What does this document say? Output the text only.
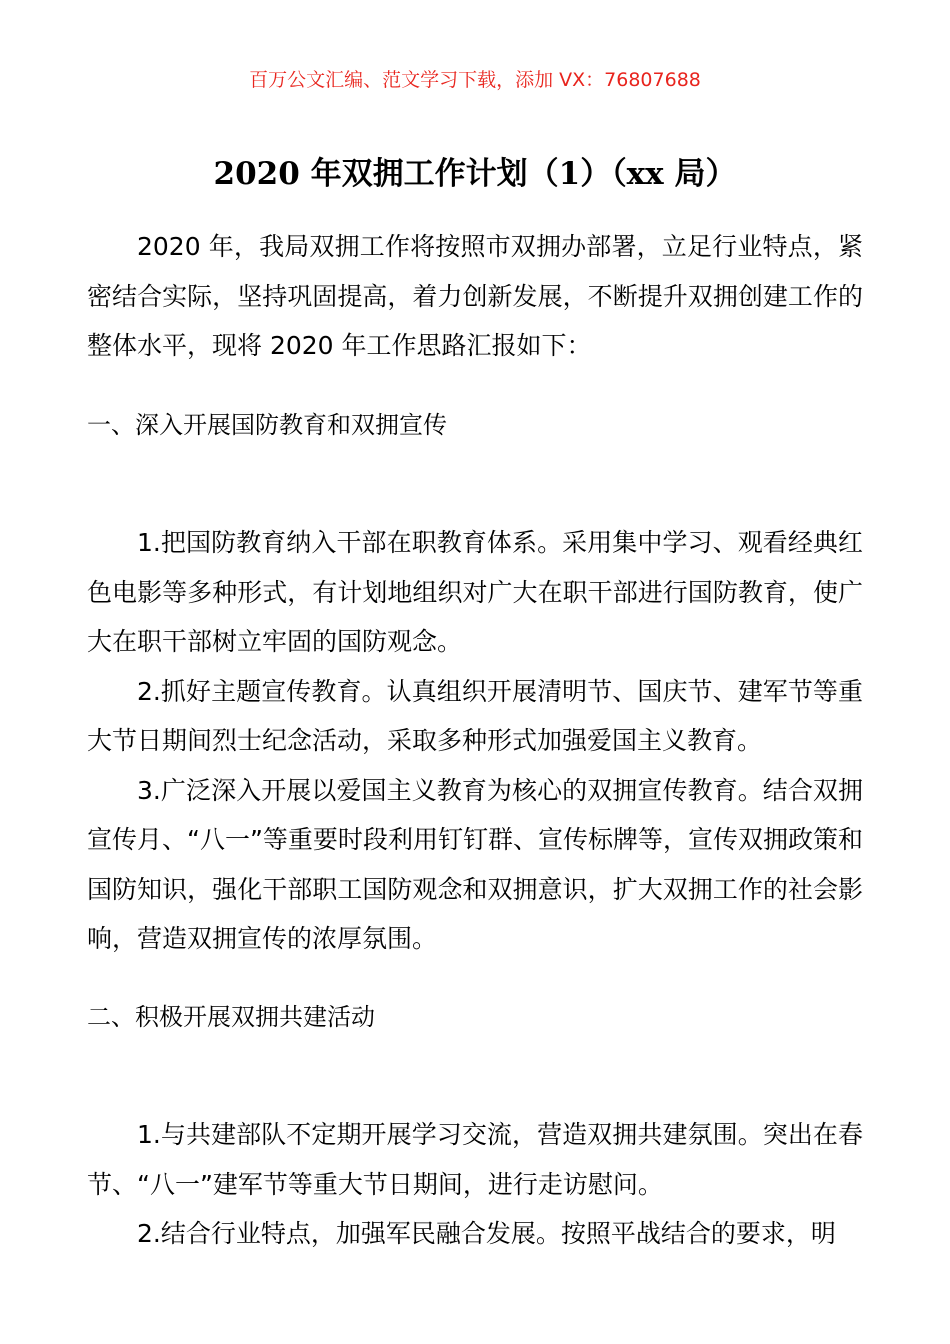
百万公文汇编、范文学习下载，添加 VX：76807688
2020 年双拥工作计划（1）（xx 局）

2020 年，我局双拥工作将按照市双拥办部署，立足行业特点，紧密结合实际，坚持巩固提高，着力创新发展，不断提升双拥创建工作的整体水平，现将 2020 年工作思路汇报如下：

一、深入开展国防教育和双拥宣传

1.把国防教育纳入干部在职教育体系。采用集中学习、观看经典红色电影等多种形式，有计划地组织对广大在职干部进行国防教育，使广大在职干部树立牢固的国防观念。

2.抓好主题宣传教育。认真组织开展清明节、国庆节、建军节等重大节日期间烈士纪念活动，采取多种形式加强爱国主义教育。

3.广泛深入开展以爱国主义教育为核心的双拥宣传教育。结合双拥宣传月、“八一”等重要时段利用钉钉群、宣传标牌等，宣传双拥政策和国防知识，强化干部职工国防观念和双拥意识，扩大双拥工作的社会影响，营造双拥宣传的浓厚氛围。

二、积极开展双拥共建活动

1.与共建部队不定期开展学习交流，营造双拥共建氛围。突出在春节、“八一”建军节等重大节日期间，进行走访慰问。

2.结合行业特点，加强军民融合发展。按照平战结合的要求，明
